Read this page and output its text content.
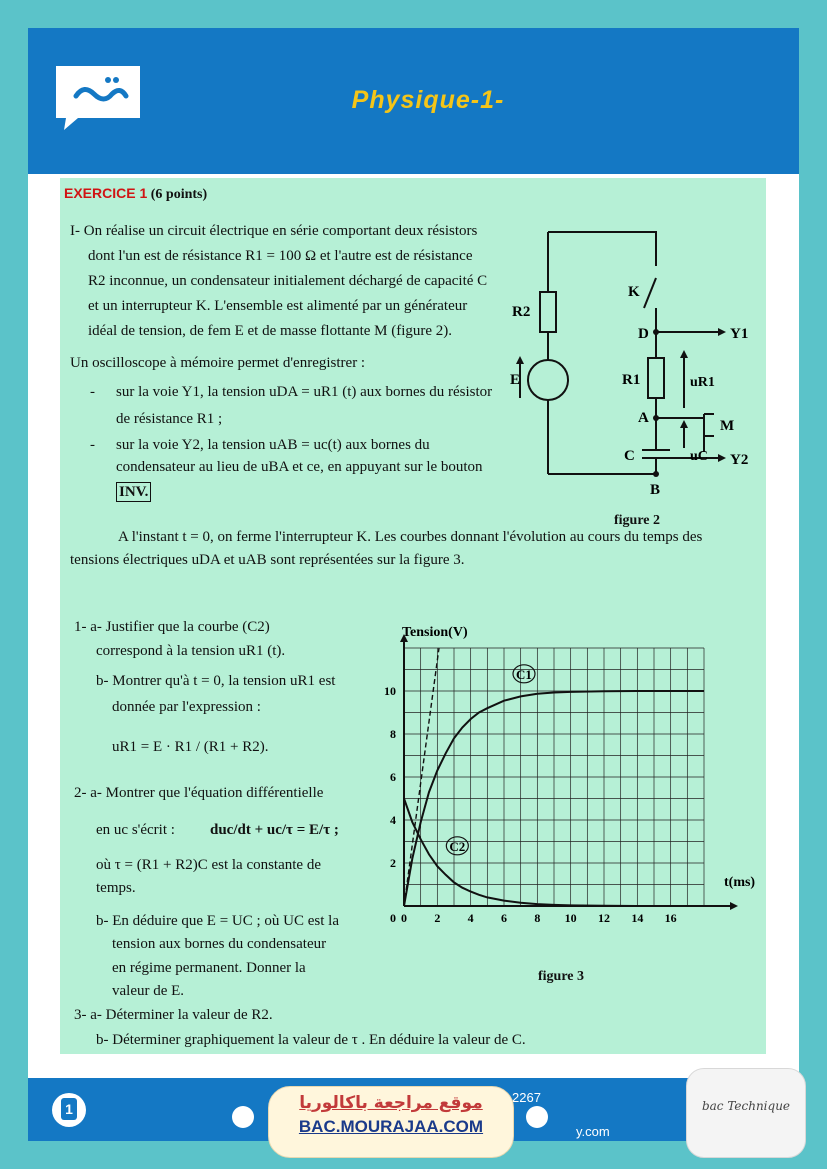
Physique-1-
EXERCICE 1 (6 points)
I- On réalise un circuit électrique en série comportant deux résistors
dont l'un est de résistance R1 = 100 Ω et l'autre est de résistance
R2 inconnue, un condensateur initialement déchargé de capacité C
et un interrupteur K. L'ensemble est alimenté par un générateur
idéal de tension, de fem E et de masse flottante M (figure 2).
Un oscilloscope à mémoire permet d'enregistrer :
- sur la voie Y1, la tension uDA = uR1 (t) aux bornes du résistor
de résistance R1 ;
- sur la voie Y2, la tension uAB = uc(t) aux bornes du
condensateur au lieu de uBA et ce, en appuyant sur le bouton
INV.
A l'instant t = 0, on ferme l'interrupteur K. Les courbes donnant l'évolution au cours du temps des
tensions électriques uDA et uAB sont représentées sur la figure 3.
1- a- Justifier que la courbe (C2)
correspond à la tension uR1 (t).
b- Montrer qu'à t = 0, la tension uR1 est
donnée par l'expression :
uR1 = E · R1 / (R1 + R2).
2- a- Montrer que l'équation différentielle
en uc s'écrit : duc/dt + uc/τ = E/τ ;
où τ = (R1 + R2)C est la constante de
temps.
b- En déduire que E = UC ; où UC est la
tension aux bornes du condensateur
en régime permanent. Donner la
valeur de E.
3- a- Déterminer la valeur de R2.
b- Déterminer graphiquement la valeur de τ . En déduire la valeur de C.
R2
K
D	Y1
R1	uR1
E
A	M
C	uC
B
Y2
figure 2
0 2 4 6 8 10 12 14 16
2
4
6
8
10
0
Tension(V)
t(ms)
C1
C2
figure 3
1
2267
y.com
موقع مراجعة باكالوريا
BAC.MOURAJAA.COM
bac Technique
